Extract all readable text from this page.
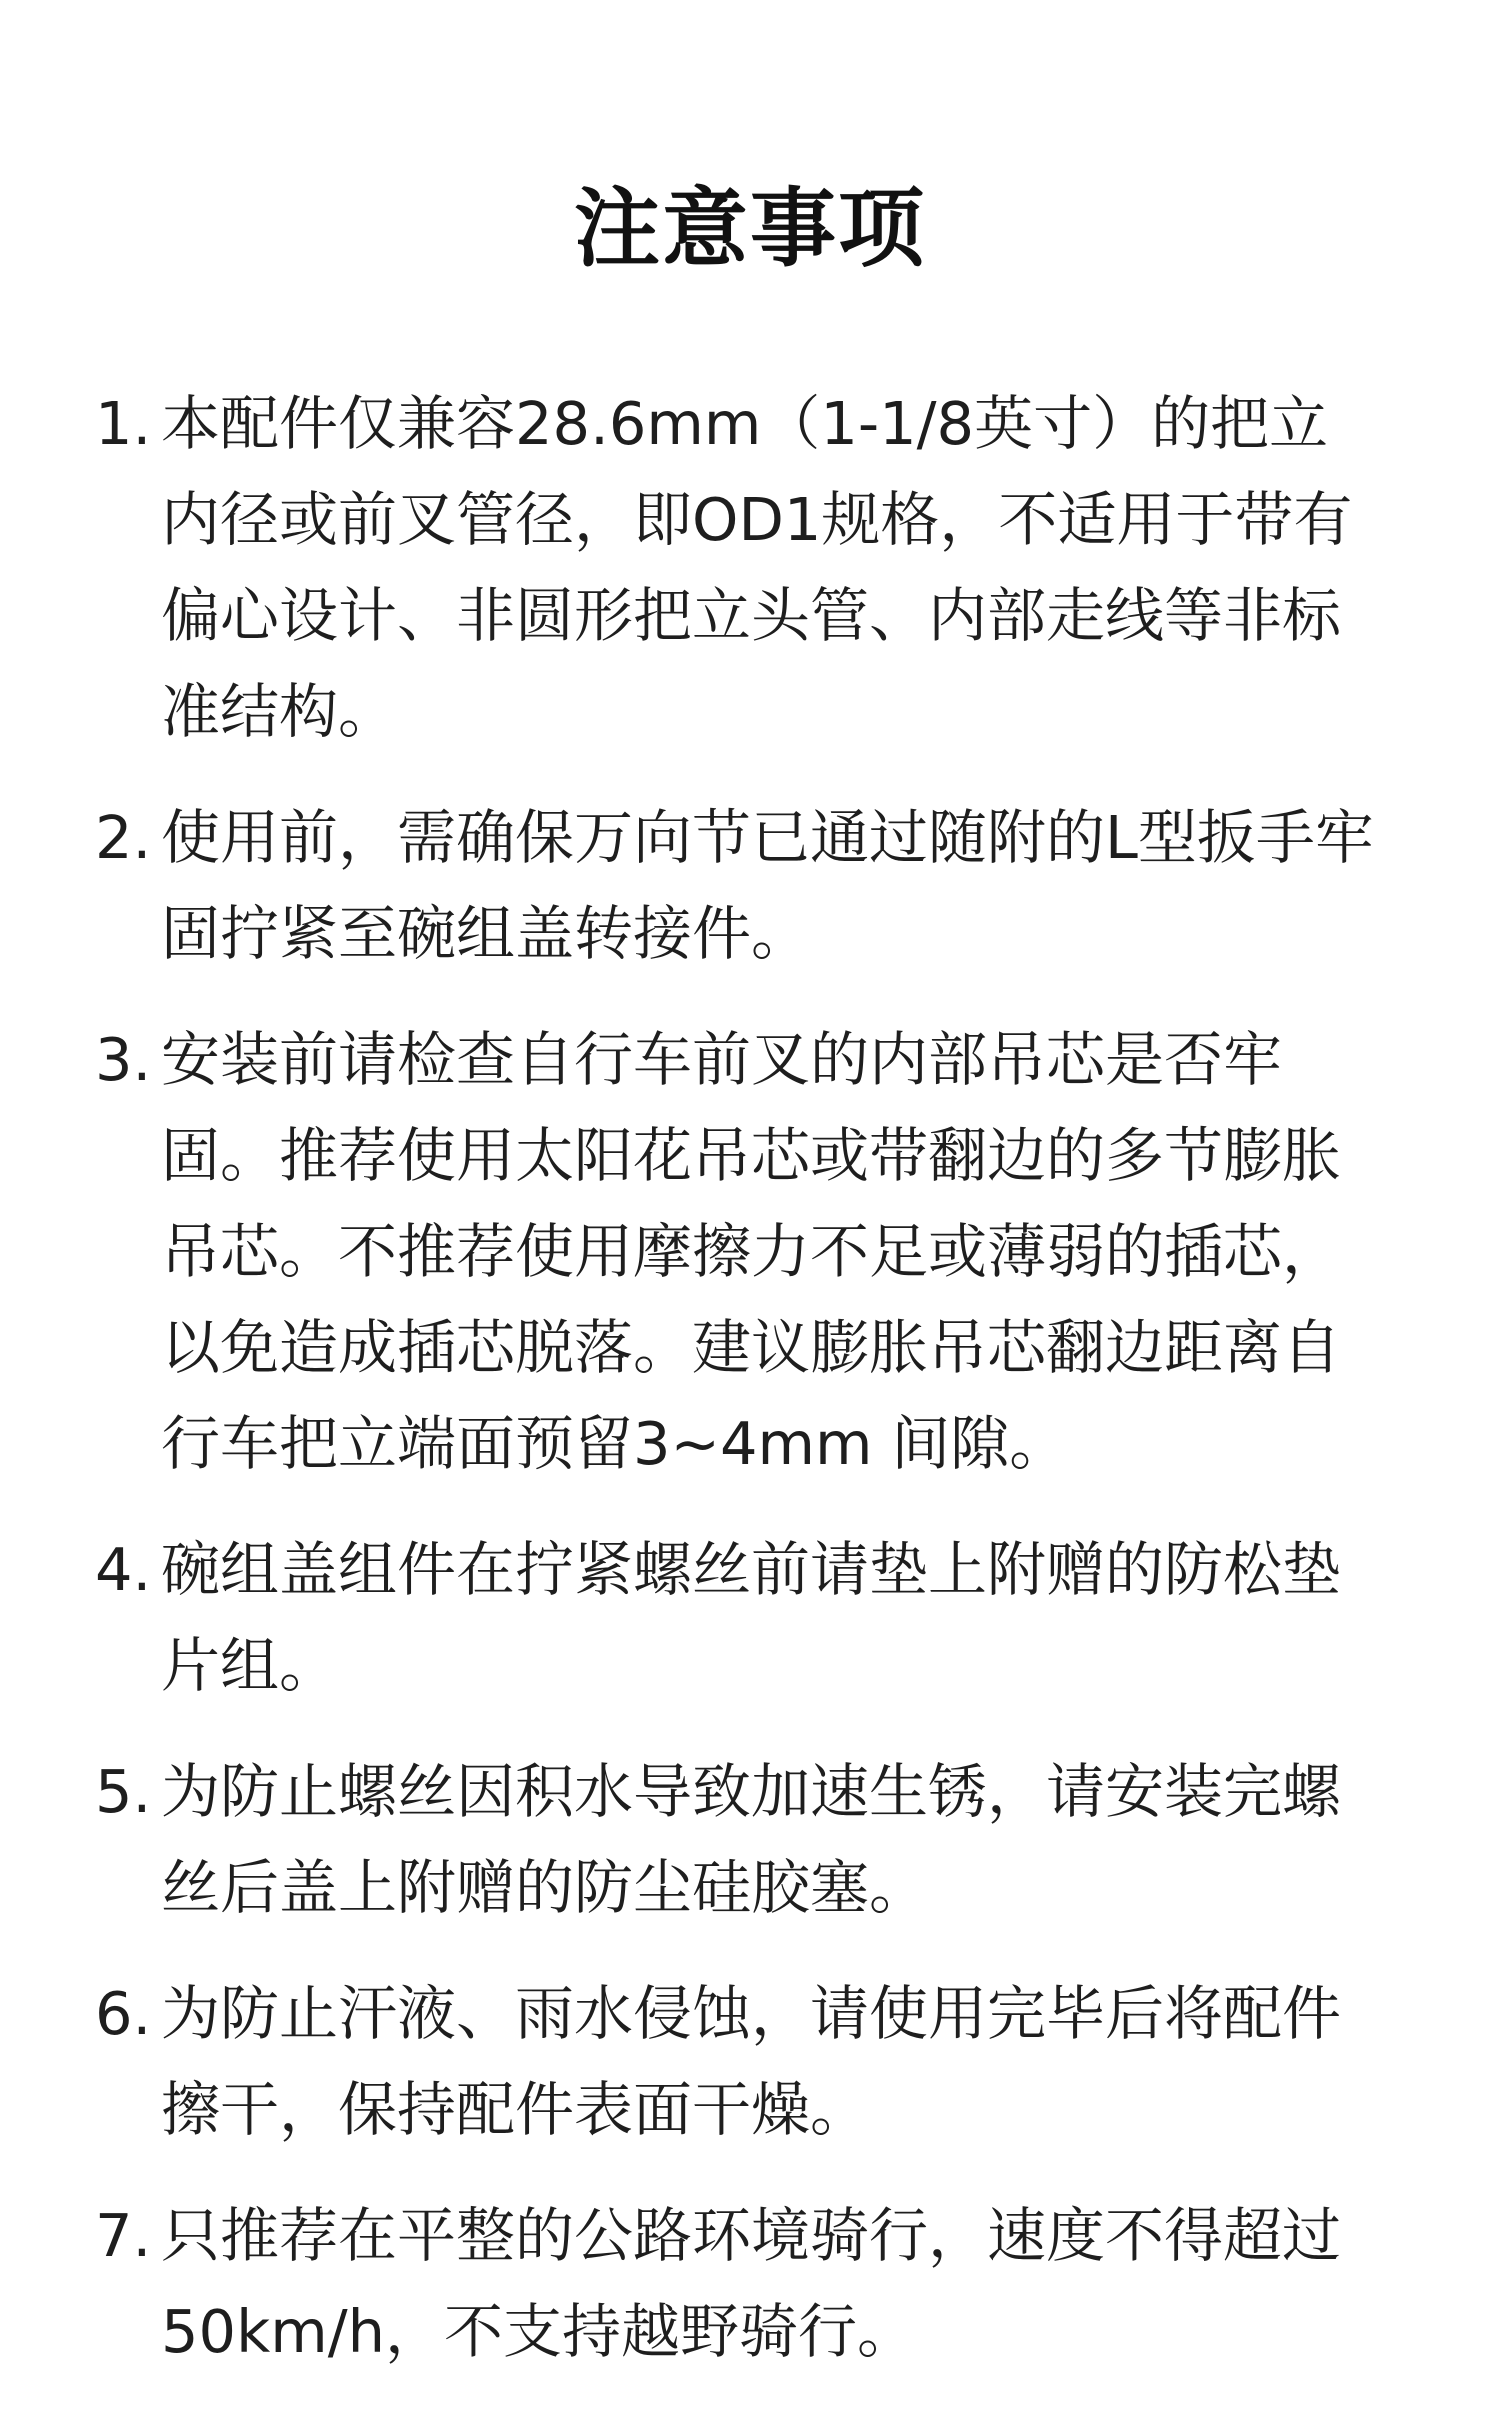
注意事项
1. 本配件仅兼容28.6mm（1-1/8英寸）的把立内径或前叉管径，即OD1规格，不适用于带有偏心设计、非圆形把立头管、内部走线等非标准结构。
2. 使用前，需确保万向节已通过随附的L型扳手牢固拧紧至碗组盖转接件。
3. 安装前请检查自行车前叉的内部吊芯是否牢固。推荐使用太阳花吊芯或带翻边的多节膨胀吊芯。不推荐使用摩擦力不足或薄弱的插芯，以免造成插芯脱落。建议膨胀吊芯翻边距离自行车把立端面预留3~4mm 间隙。
4. 碗组盖组件在拧紧螺丝前请垫上附赠的防松垫片组。
5. 为防止螺丝因积水导致加速生锈，请安装完螺丝后盖上附赠的防尘硅胶塞。
6. 为防止汗液、雨水侵蚀，请使用完毕后将配件擦干，保持配件表面干燥。
7. 只推荐在平整的公路环境骑行，速度不得超过50km/h，不支持越野骑行。
